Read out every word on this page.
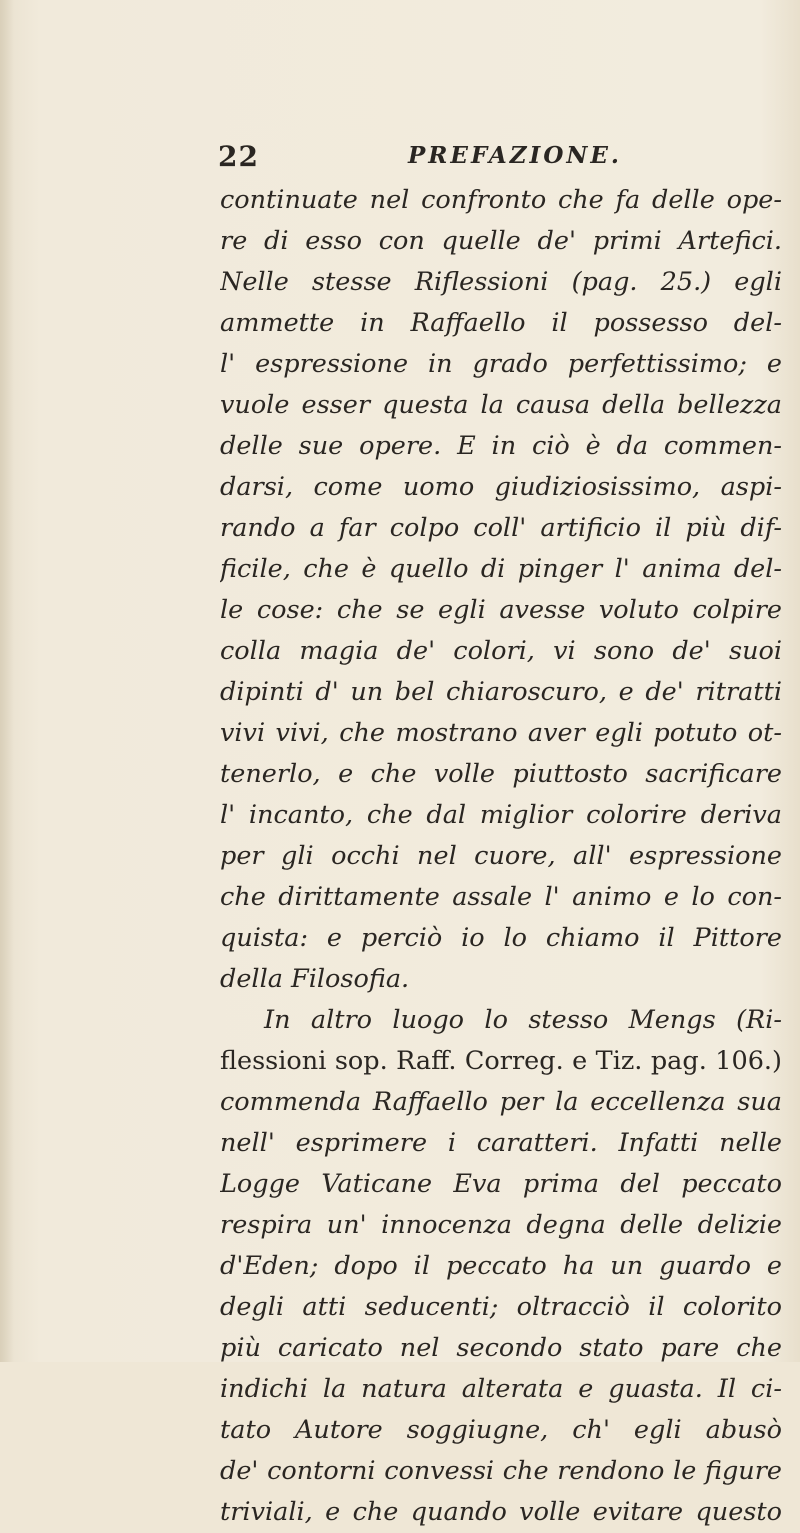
22	PREFAZIONE.
continuate nel confronto che fa delle ope-
re di esso con quelle de' primi Artefici.
Nelle stesse Riflessioni (pag. 25.) egli
ammette in Raffaello il possesso del-
l' espressione in grado perfettissimo; e
vuole esser questa la causa della bellezza
delle sue opere. E in ciò è da commen-
darsi, come uomo giudiziosissimo, aspi-
rando a far colpo coll' artificio il più dif-
ficile, che è quello di pinger l' anima del-
le cose: che se egli avesse voluto colpire
colla magia de' colori, vi sono de' suoi
dipinti d' un bel chiaroscuro, e de' ritratti
vivi vivi, che mostrano aver egli potuto ot-
tenerlo, e che volle piuttosto sacrificare
l' incanto, che dal miglior colorire deriva
per gli occhi nel cuore, all' espressione
che dirittamente assale l' animo e lo con-
quista: e perciò io lo chiamo il Pittore
della Filosofia.
In altro luogo lo stesso Mengs (Ri-
flessioni sop. Raff. Correg. e Tiz. pag. 106.)
commenda Raffaello per la eccellenza sua
nell' esprimere i caratteri. Infatti nelle
Logge Vaticane Eva prima del peccato
respira un' innocenza degna delle delizie
d'Eden; dopo il peccato ha un guardo e
degli atti seducenti; oltracciò il colorito
più caricato nel secondo stato pare che
indichi la natura alterata e guasta. Il ci-
tato Autore soggiugne, ch' egli abusò
de' contorni convessi che rendono le figure
triviali, e che quando volle evitare questo
